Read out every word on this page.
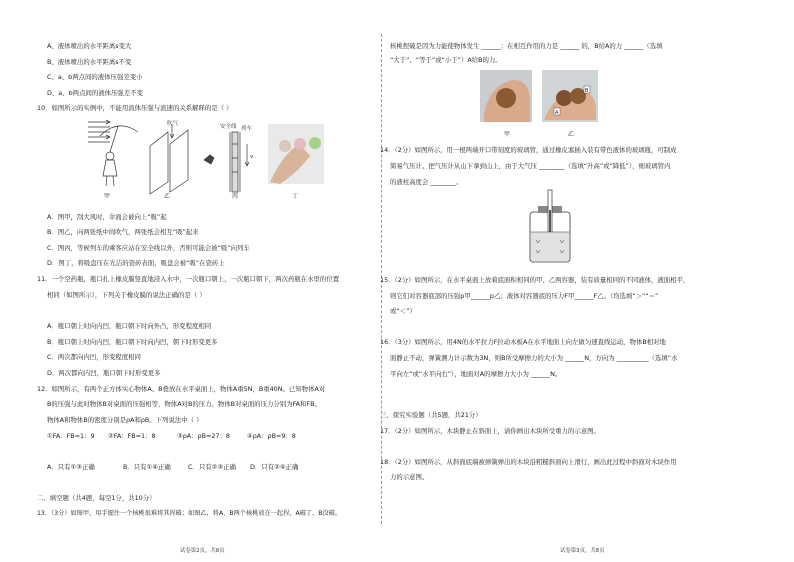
A、液体喷出的水平距离s变大
B、液体喷出的水平距离s不变
C、a、b两点间的液体压强差变小
D、a、b两点间的液体压强差不变
10．如图所示的实例中，不能用流体压强与流速的关系解释的是（ ）
吹气	安全线 列车
v
甲	乙	丙	丁
A．图甲，刮大风时，伞面会被向上“吸”起
B．图乙，向两张纸中间吹气，两张纸会相互“吸”起来
C．图丙，等候列车的乘客应站在安全线以外，否则可能会被“吸”向列车
D．图丁，将吸盘压在光洁的瓷砖表面，吸盘会被“吸”在瓷砖上
11．一个空药瓶，瓶口扎上橡皮膜竖直地浸入水中，一次瓶口朝上，一次瓶口朝下，两次药瓶在水里的位置
相同（如图所示），下列关于橡皮膜的说法正确的是（ ）
A．瓶口朝上时向内凹，瓶口朝下时向外凸，形变程度相同
B．瓶口朝上时向内凹，瓶口朝下时向内凹，朝下时形变更多
C．两次都向内凹，形变程度相同
D．两次都向内凹，瓶口朝下时形变更多
12．如图所示，有两个正方体实心物体A、B叠放在水平桌面上，物体A重5N，B重40N。已知物体A对
B的压强与此时物体B对桌面的压强相等，物体A对B的压力、物体B对桌面的压力分别为FA和FB。
物体A和物体B的密度分别是ρA和ρB。下列说法中（ ）
①FA：FB=1：9 ②FA：FB=1：8	③ρA：ρB=27：8	④ρA：ρB=9：8
A．只有①③正确	B．只有①④正确	C．只有②③正确 D．只有②④正确
二、填空题（共4题，每空1分，共10分）
13．（3分）如图甲，用手握住一个核桃很难将其捏破；如图乙，将A、B两个核桃放在一起捏，A破了，B没破。
核桃捏破是因为力能使物体发生 ______；在相互作用的力是 ______ 的，B给A的力 ______（选填
“大于”、“等于”或“小于”）A给B的力。
A
B
甲	乙
14．（2分）如图所示，用一根两端开口带刻度的玻璃管，通过橡皮塞插入装有带色液体的玻璃瓶，可制成
简易气压计。把气压计从山下拿到山上，由于大气压 ________（选填“升高”或“降低”），细玻璃管内
的液柱高度会 ________。
15．（2分）如图所示，在水平桌面上放着底面积相同的甲、乙两容器，装有质量相同的不同液体，液面相平，
则它们对容器底部的压强p甲______p乙；液体对容器底的压力F甲______F乙。（均选填“＞”“＝”
或“＜”）
16．（3分）如图所示，用4N的水平拉力F拉动木板A在水平地面上向左做匀速直线运动，物体B相对地
面静止不动，弹簧测力计示数为3N，则B所受摩擦力的大小为 ______N，方向为 __________（选填“水
平向左”或“水平向右”），地面对A的摩擦力大小为 ______N。
三、探究实验题（共5题，共21分）
17．（2分）如图所示，木块静止在斜面上，请你画出木块所受重力的示意图。
18．（2分）如图所示，从斜面底端被弹簧弹出的木块沿粗糙斜面向上滑行，画出此过程中斜面对木块作用
力的示意图。
试卷第2页，共8页	试卷第3页，共8页
